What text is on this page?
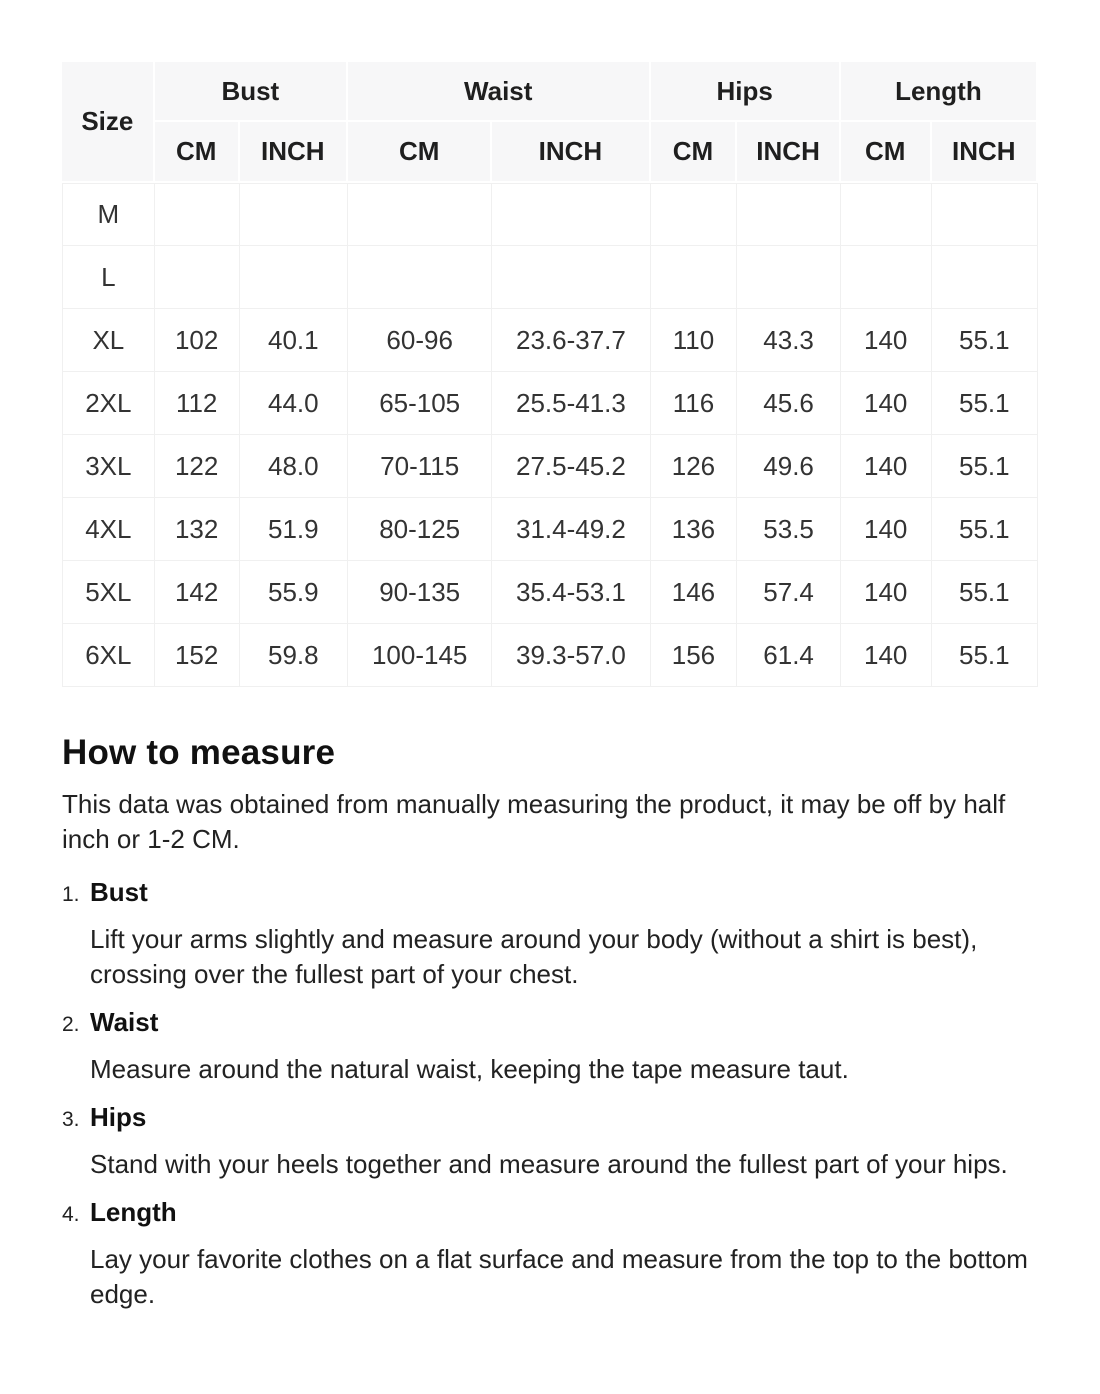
Size	Bust		Waist		Hips		Length	
	CM	INCH	CM	INCH	CM	INCH	CM	INCH
M								
L								
XL	102	40.1	60-96	23.6-37.7	110	43.3	140	55.1
2XL	112	44.0	65-105	25.5-41.3	116	45.6	140	55.1
3XL	122	48.0	70-115	27.5-45.2	126	49.6	140	55.1
4XL	132	51.9	80-125	31.4-49.2	136	53.5	140	55.1
5XL	142	55.9	90-135	35.4-53.1	146	57.4	140	55.1
6XL	152	59.8	100-145	39.3-57.0	156	61.4	140	55.1
How to measure

This data was obtained from manually measuring the product, it may be off by half inch or 1-2 CM.

1. Bust

Lift your arms slightly and measure around your body (without a shirt is best), crossing over the fullest part of your chest.

2. Waist

Measure around the natural waist, keeping the tape measure taut.

3. Hips

Stand with your heels together and measure around the fullest part of your hips.

4. Length

Lay your favorite clothes on a flat surface and measure from the top to the bottom edge.
